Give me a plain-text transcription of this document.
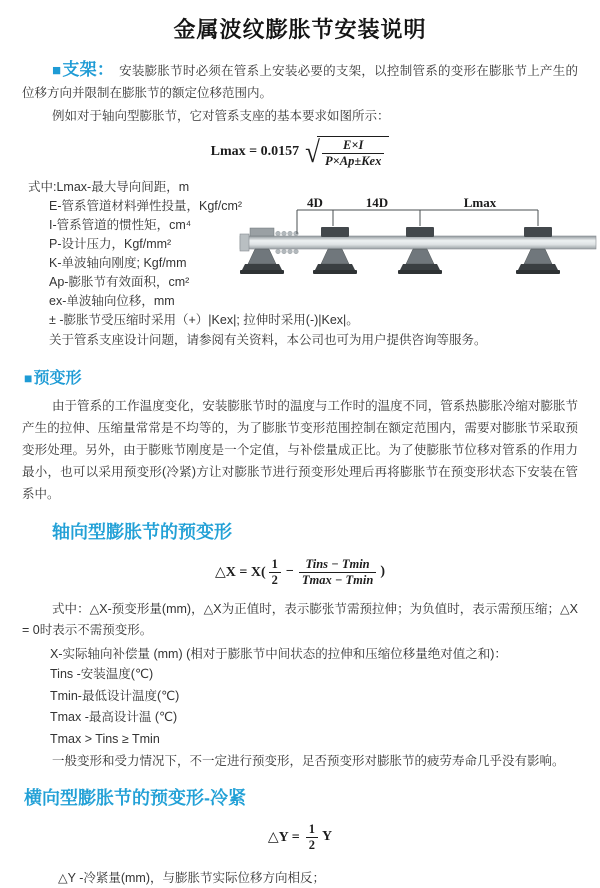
金属波纹膨胀节安装说明

■支架： 安装膨胀节时必须在管系上安装必要的支架，以控制管系的变形在膨胀节上产生的位移方向并限制在膨胀节的额定位移范围内。

例如对于轴向型膨胀节，它对管系支座的基本要求如图所示：

Lmax = 0.0157 √ $\frac{E\times I}{\text{P×Ap±Kex}}$
式中:Lmax-最大导向间距，m
E-管系管道材料弹性投量，Kgf/cm²
I-管系管道的惯性矩，cm⁴
P-设计压力，Kgf/mm²
K-单波轴向刚度; Kgf/mm
Ap-膨胀节有效面积，cm²
ex-单波轴向位移，mm
± -膨胀节受压缩时采用（+）|Kex|; 拉伸时采用(-)|Kex|。
关于管系支座设计问题，请参阅有关资料，本公司也可为用户提供咨询等服务。
4D	14D	Lmax
■预变形

由于管系的工作温度变化，安装膨胀节时的温度与工作时的温度不同，管系热膨胀冷缩对膨胀节产生的拉伸、压缩量常常是不均等的，为了膨胀节变形范围控制在额定范围内，需要对膨胀节采取预变形处理。另外，由于膨账节刚度是一个定值，与补偿量成正比。为了使膨胀节位移对管系的作用力最小，也可以采用预变形(冷紧)方让对膨胀节进行预变形处理后再将膨胀节在预变形状态下安装在管系中。

轴向型膨胀节的预变形
△X = $X( \frac{1}{2} - \frac{\text{Tins − Tmin}}{Tmax - Tmin}$ )

式中：△X-预变形量(mm)，△X为正值时，表示膨张节需预拉伸；为负值时，表示需预压缩；△X = 0时表示不需预变形。

X-实际轴向补偿量 (mm) (相对于膨胀节中间状态的拉伸和压缩位移量绝对值之和)：
Tins -安装温度(℃)
Tmin-最低设计温度(℃)
Tmax -最高设计温 (℃)
Tmax > Tins ≥ Tmin

一般变形和受力情况下，不一定进行预变形，足否预变形对膨胀节的疲劳寿命几乎没有影响。

横向型膨胀节的预变形-冷紧
△Y = $\frac{1}{2}$ Y
△Y -冷紧量(mm)，与膨胀节实际位移方向相反；
